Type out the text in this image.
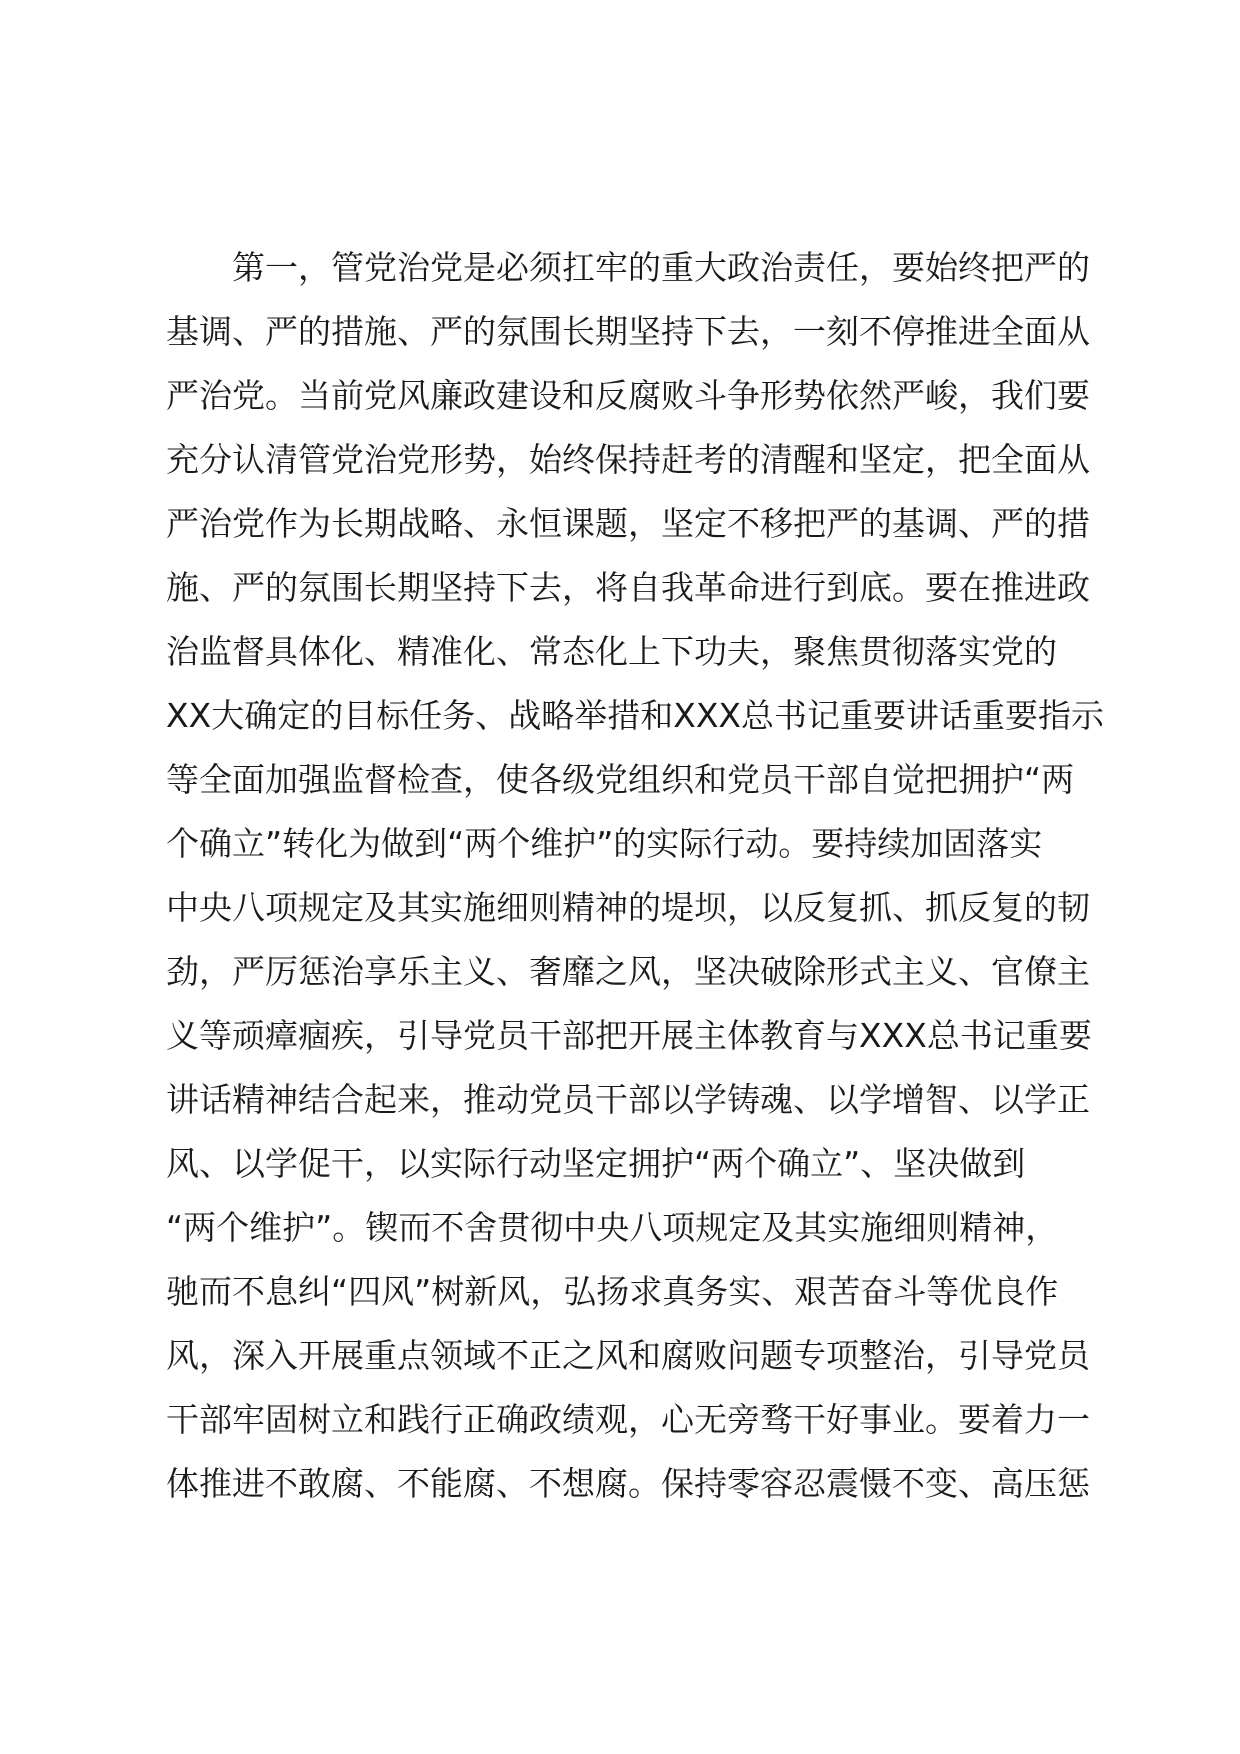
第一，管党治党是必须扛牢的重大政治责任，要始终把严的
基调、严的措施、严的氛围长期坚持下去，一刻不停推进全面从
严治党。当前党风廉政建设和反腐败斗争形势依然严峻，我们要
充分认清管党治党形势，始终保持赶考的清醒和坚定，把全面从
严治党作为长期战略、永恒课题，坚定不移把严的基调、严的措
施、严的氛围长期坚持下去，将自我革命进行到底。要在推进政
治监督具体化、精准化、常态化上下功夫，聚焦贯彻落实党的
XX大确定的目标任务、战略举措和XXX总书记重要讲话重要指示
等全面加强监督检查，使各级党组织和党员干部自觉把拥护“两
个确立”转化为做到“两个维护”的实际行动。要持续加固落实
中央八项规定及其实施细则精神的堤坝，以反复抓、抓反复的韧
劲，严厉惩治享乐主义、奢靡之风，坚决破除形式主义、官僚主
义等顽瘴痼疾，引导党员干部把开展主体教育与XXX总书记重要
讲话精神结合起来，推动党员干部以学铸魂、以学增智、以学正
风、以学促干，以实际行动坚定拥护“两个确立”、坚决做到
“两个维护”。锲而不舍贯彻中央八项规定及其实施细则精神，
驰而不息纠“四风”树新风，弘扬求真务实、艰苦奋斗等优良作
风，深入开展重点领域不正之风和腐败问题专项整治，引导党员
干部牢固树立和践行正确政绩观，心无旁骛干好事业。要着力一
体推进不敢腐、不能腐、不想腐。保持零容忍震慑不变、高压惩
